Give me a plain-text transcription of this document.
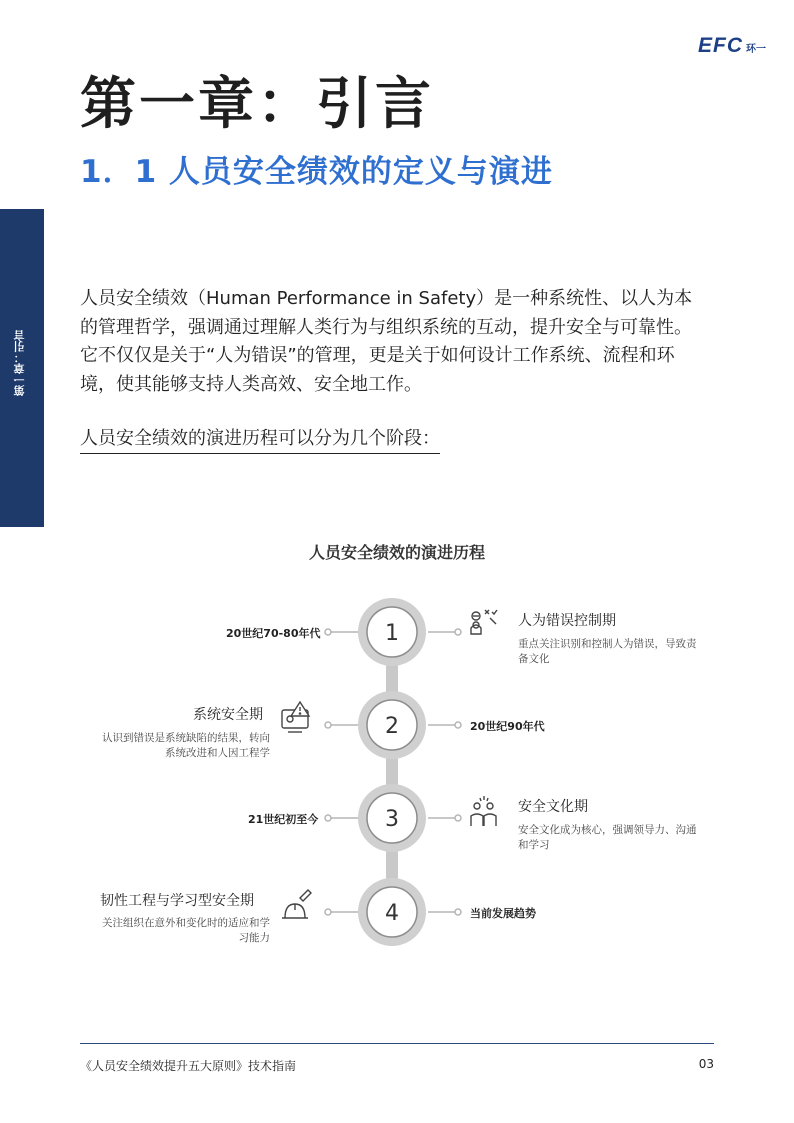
EFC 环一
第一章：引言
第一章：引言
1．1 人员安全绩效的定义与演进

人员安全绩效（Human Performance in Safety）是一种系统性、以人为本的管理哲学，强调通过理解人类行为与组织系统的互动，提升安全与可靠性。它不仅仅是关于“人为错误”的管理，更是关于如何设计工作系统、流程和环境，使其能够支持人类高效、安全地工作。

人员安全绩效的演进历程可以分为几个阶段：

人员安全绩效的演进历程
1
2
3
4
20世纪70-80年代
20世纪90年代
21世纪初至今
当前发展趋势
人为错误控制期
重点关注识别和控制人为错误，导致责备文化
系统安全期
认识到错误是系统缺陷的结果，转向系统改进和人因工程学
安全文化期
安全文化成为核心，强调领导力、沟通和学习
韧性工程与学习型安全期
关注组织在意外和变化时的适应和学习能力
《人员安全绩效提升五大原则》技术指南	03
